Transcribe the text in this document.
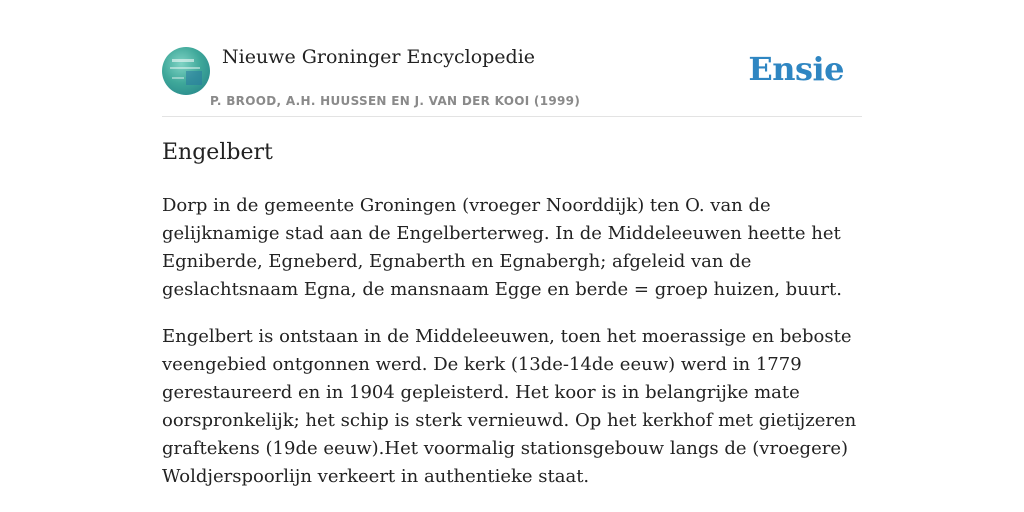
Nieuwe Groninger Encyclopedie
P. BROOD, A.H. HUUSSEN EN J. VAN DER KOOI (1999)
Ensie
Engelbert

Dorp in de gemeente Groningen (vroeger Noorddijk) ten O. van de gelijknamige stad aan de Engelberterweg. In de Middeleeuwen heette het Egniberde, Egneberd, Egnaberth en Egnabergh; afgeleid van de geslachtsnaam Egna, de mansnaam Egge en berde = groep huizen, buurt.

Engelbert is ontstaan in de Middeleeuwen, toen het moerassige en beboste veengebied ontgonnen werd. De kerk (13de-14de eeuw) werd in 1779 gerestaureerd en in 1904 gepleisterd. Het koor is in belangrijke mate oorspronkelijk; het schip is sterk vernieuwd. Op het kerkhof met gietijzeren graftekens (19de eeuw).Het voormalig stationsgebouw langs de (vroegere) Woldjerspoorlijn verkeert in authentieke staat.
